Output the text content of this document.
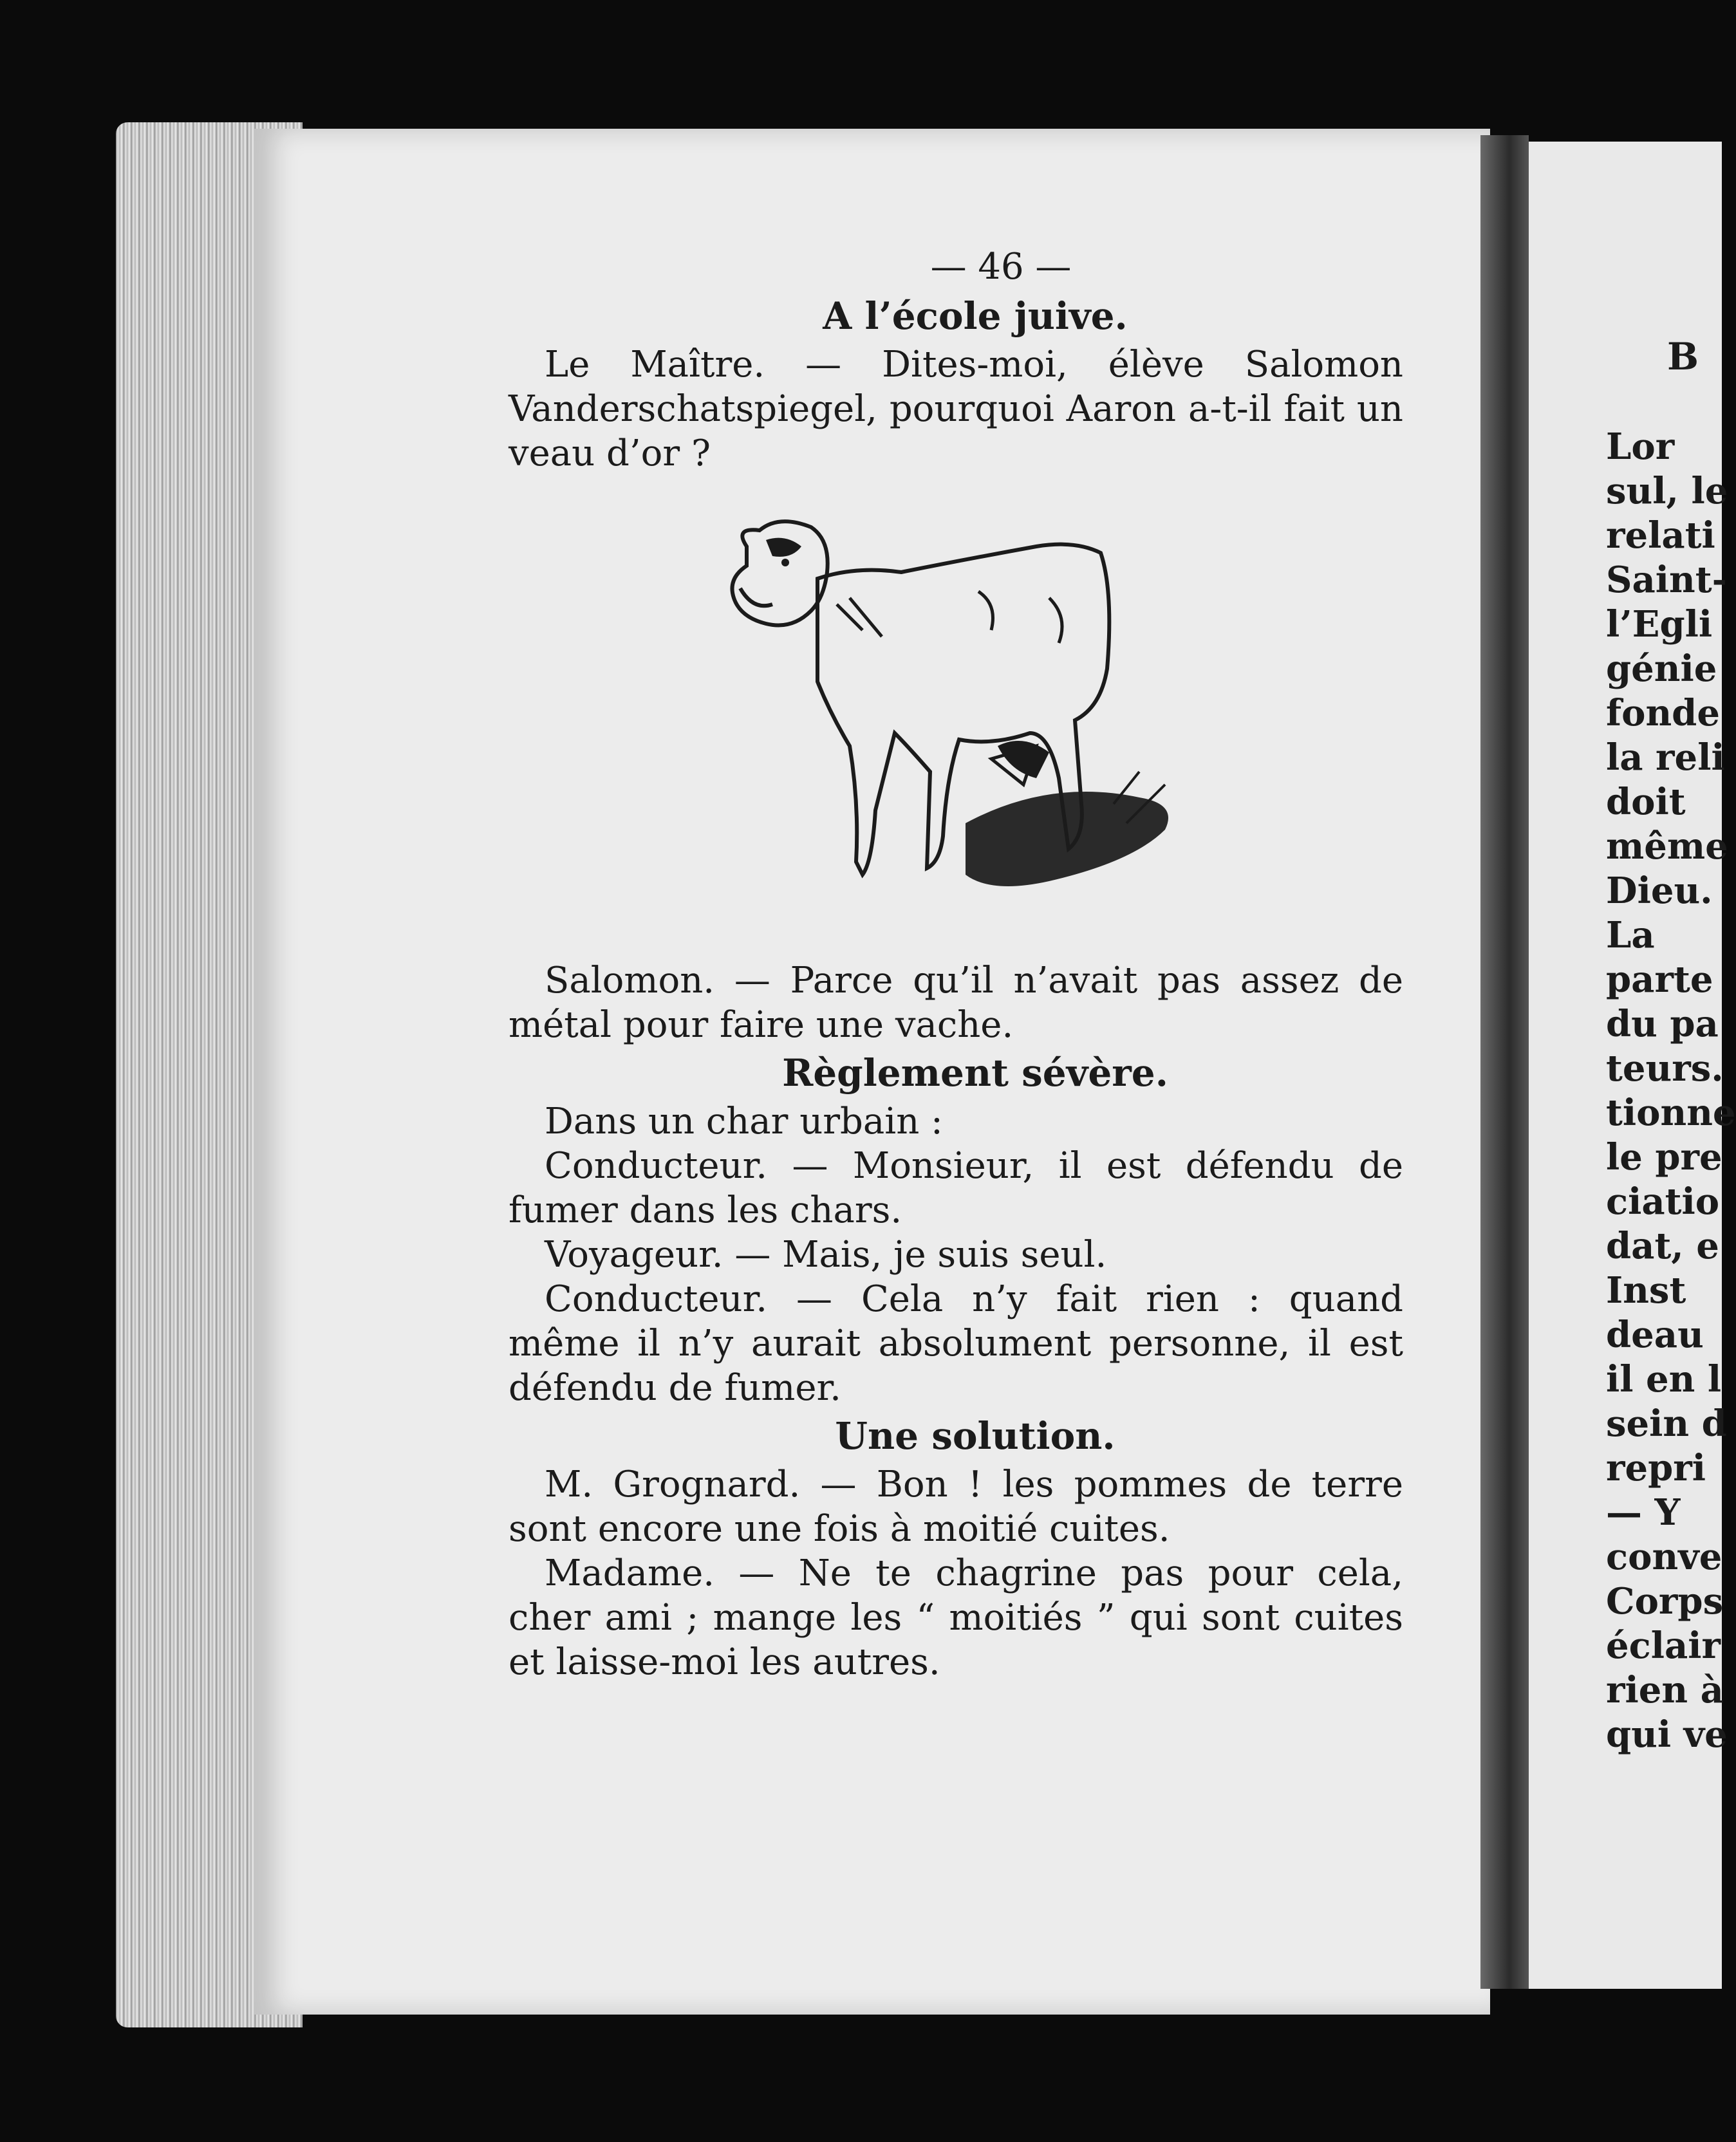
B
Lor
sul, le
relati
Saint-
l’Egli
génie
fonde
la reli
doit
même
Dieu.
La
parte
du pa
teurs.
tionne
le pre
ciatio
dat, e
Inst
deau
il en l
sein d
repri
— Y
conve
Corps
éclair
rien à
qui ve
— 46 —
A l’école juive.

Le Maître. — Dites-moi, élève Salomon Vanderschatspiegel, pourquoi Aaron a-t-il fait un veau d’or ?

Salomon. — Parce qu’il n’avait pas assez de métal pour faire une vache.

Règlement sévère.

Dans un char urbain :

Conducteur. — Monsieur, il est défendu de fumer dans les chars.

Voyageur. — Mais, je suis seul.

Conducteur. — Cela n’y fait rien : quand même il n’y aurait absolument personne, il est défendu de fumer.

Une solution.

M. Grognard. — Bon ! les pommes de terre sont encore une fois à moitié cuites.

Madame. — Ne te chagrine pas pour cela, cher ami ; mange les “ moitiés ” qui sont cuites et laisse-moi les autres.
